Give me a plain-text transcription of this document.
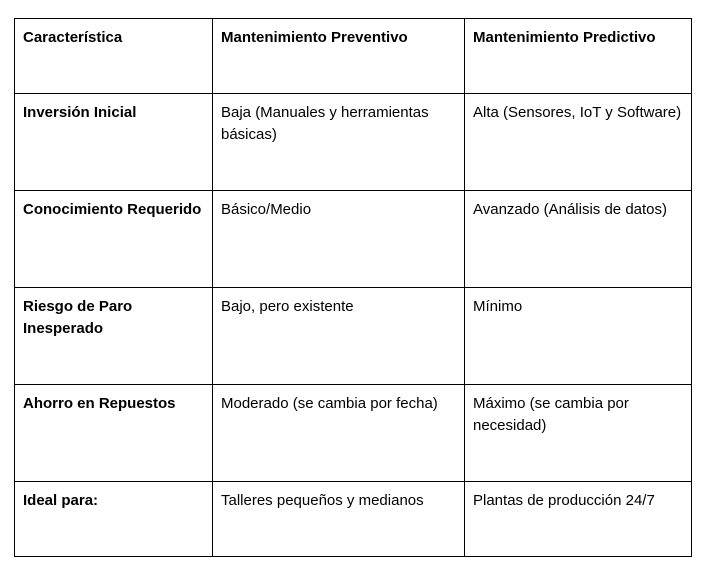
Característica	Mantenimiento Preventivo	Mantenimiento Predictivo
Inversión Inicial	Baja (Manuales y herramientas básicas)	Alta (Sensores, IoT y Software)
Conocimiento Requerido	Básico/Medio	Avanzado (Análisis de datos)
Riesgo de Paro Inesperado	Bajo, pero existente	Mínimo
Ahorro en Repuestos	Moderado (se cambia por fecha)	Máximo (se cambia por necesidad)
Ideal para:	Talleres pequeños y medianos	Plantas de producción 24/7
